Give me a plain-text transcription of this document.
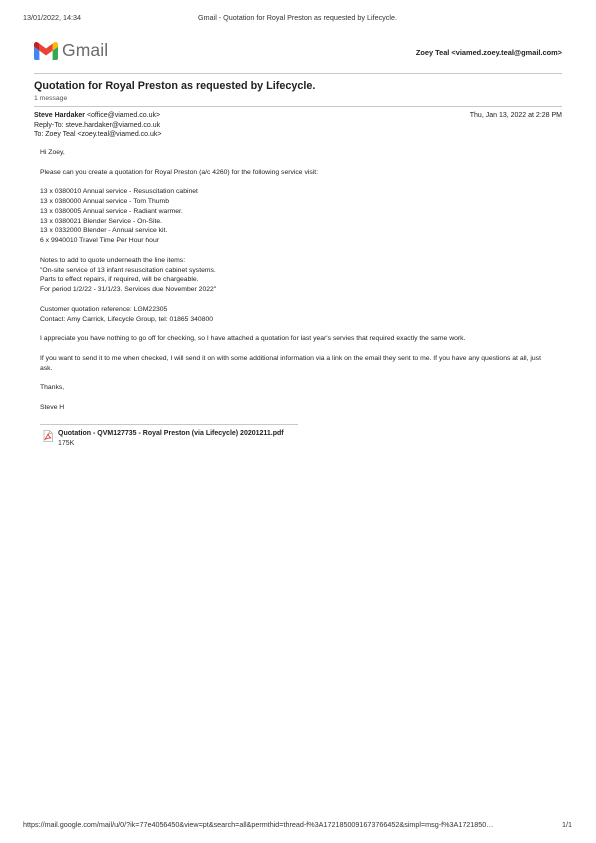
13/01/2022, 14:34	Gmail - Quotation for Royal Preston as requested by Lifecycle.
Gmail	Zoey Teal <viamed.zoey.teal@gmail.com>
Quotation for Royal Preston as requested by Lifecycle.
1 message
Steve Hardaker <office@viamed.co.uk>	Thu, Jan 13, 2022 at 2:28 PM
Reply-To: steve.hardaker@viamed.co.uk
To: Zoey Teal <zoey.teal@viamed.co.uk>
Hi Zoey,
Please can you create a quotation for Royal Preston (a/c 4260) for the following service visit:
13 x 0380010 Annual service - Resuscitation cabinet
13 x 0380000 Annual service - Tom Thumb
13 x 0380005 Annual service - Radiant warmer.
13 x 0380021 Blender Service - On-Site.
13 x 0332000 Blender - Annual service kit.
6 x 9940010 Travel Time Per Hour hour
Notes to add to quote underneath the line items:
"On-site service of 13 infant resuscitation cabinet systems.
Parts to effect repairs, if required, will be chargeable.
For period 1/2/22 - 31/1/23. Services due November 2022"
Customer quotation reference: LGM22305
Contact: Amy Carrick, Lifecycle Group, tel: 01865 340800
I appreciate you have nothing to go off for checking, so I have attached a quotation for last year's servies that required exactly the same work.
If you want to send it to me when checked, I will send it on with some additional information via a link on the email they sent to me. If you have any questions at all, just ask.
Thanks,
Steve H
Quotation - QVM127735 - Royal Preston (via Lifecycle) 20201211.pdf
175K
https://mail.google.com/mail/u/0/?ik=77e4056450&view=pt&search=all&permthid=thread-f%3A1721850091673766452&simpl=msg-f%3A1721850…	1/1
